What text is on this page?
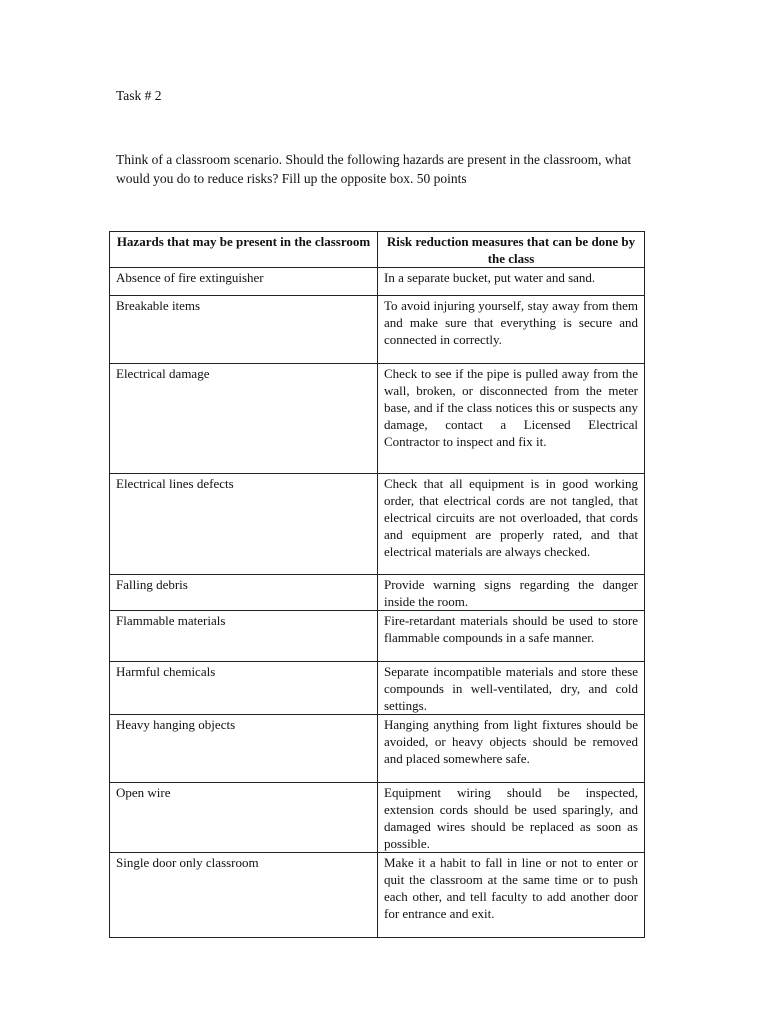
Task # 2
Think of a classroom scenario. Should the following hazards are present in the classroom, what would you do to reduce risks? Fill up the opposite box. 50 points
Hazards that may be present in the classroom	Risk reduction measures that can be done by the class
Absence of fire extinguisher	In a separate bucket, put water and sand.
Breakable items	To avoid injuring yourself, stay away from them and make sure that everything is secure and connected in correctly.
Electrical damage	Check to see if the pipe is pulled away from the wall, broken, or disconnected from the meter base, and if the class notices this or suspects any damage, contact a Licensed Electrical Contractor to inspect and fix it.
Electrical lines defects	Check that all equipment is in good working order, that electrical cords are not tangled, that electrical circuits are not overloaded, that cords and equipment are properly rated, and that electrical materials are always checked.
Falling debris	Provide warning signs regarding the danger inside the room.
Flammable materials	Fire-retardant materials should be used to store flammable compounds in a safe manner.
Harmful chemicals	Separate incompatible materials and store these compounds in well-ventilated, dry, and cold settings.
Heavy hanging objects	Hanging anything from light fixtures should be avoided, or heavy objects should be removed and placed somewhere safe.
Open wire	Equipment wiring should be inspected, extension cords should be used sparingly, and damaged wires should be replaced as soon as possible.
Single door only classroom	Make it a habit to fall in line or not to enter or quit the classroom at the same time or to push each other, and tell faculty to add another door for entrance and exit.
